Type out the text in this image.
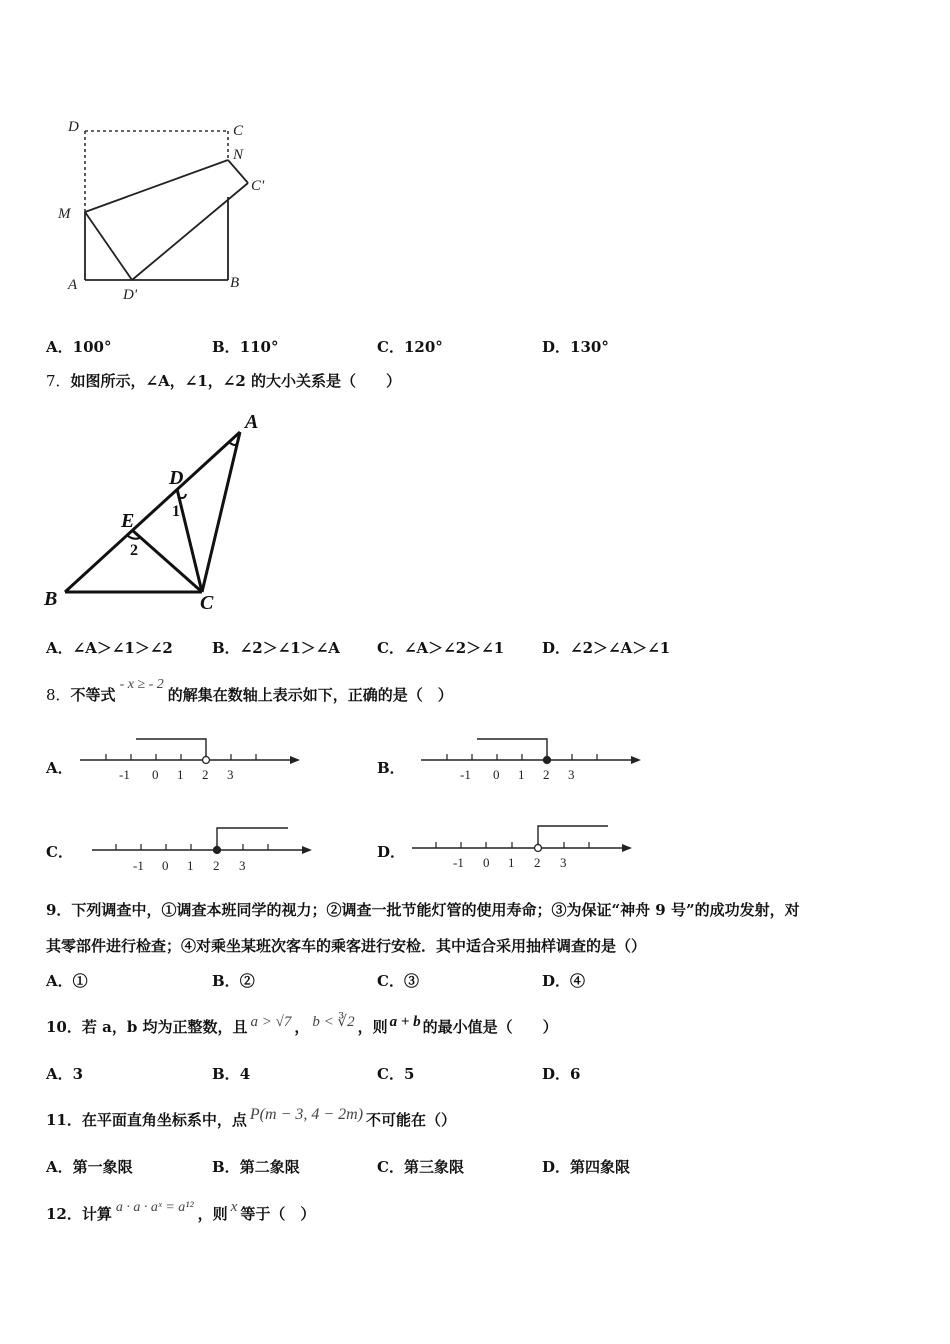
D	C
N
C'
M
A
D'
B
A．100°	B．110°	C．120°	D．130°
7．如图所示，∠A，∠1，∠2 的大小关系是（　　）
A
D
E
B	C
1
2
A．∠A＞∠1＞∠2	B．∠2＞∠1＞∠A C．∠A＞∠2＞∠1	D．∠2＞∠A＞∠1
8．不等式- x ≥ - 2的解集在数轴上表示如下，正确的是（　）
A．	B．
C．	D．
-1 0 1 2 3	-1 0 1 2 3
-1 0 1 2 3	-1 0 1 2 3
9．下列调查中，①调查本班同学的视力；②调查一批节能灯管的使用寿命；③为保证“神舟 9 号”的成功发射，对
其零部件进行检查；④对乘坐某班次客车的乘客进行安检．其中适合采用抽样调查的是（）
A．①	B．②	C．③	D．④
10．若 a，b 均为正整数，且 a > √7 ， b < ∛2 ，则 a + b 的最小值是（　　）
A．3	B．4	C．5	D．6
11．在平面直角坐标系中，点 P(m − 3, 4 − 2m) 不可能在（）
A．第一象限	B．第二象限	C．第三象限	D．第四象限
12．计算 a · a · aˣ = a¹² ，则 x 等于（　）
